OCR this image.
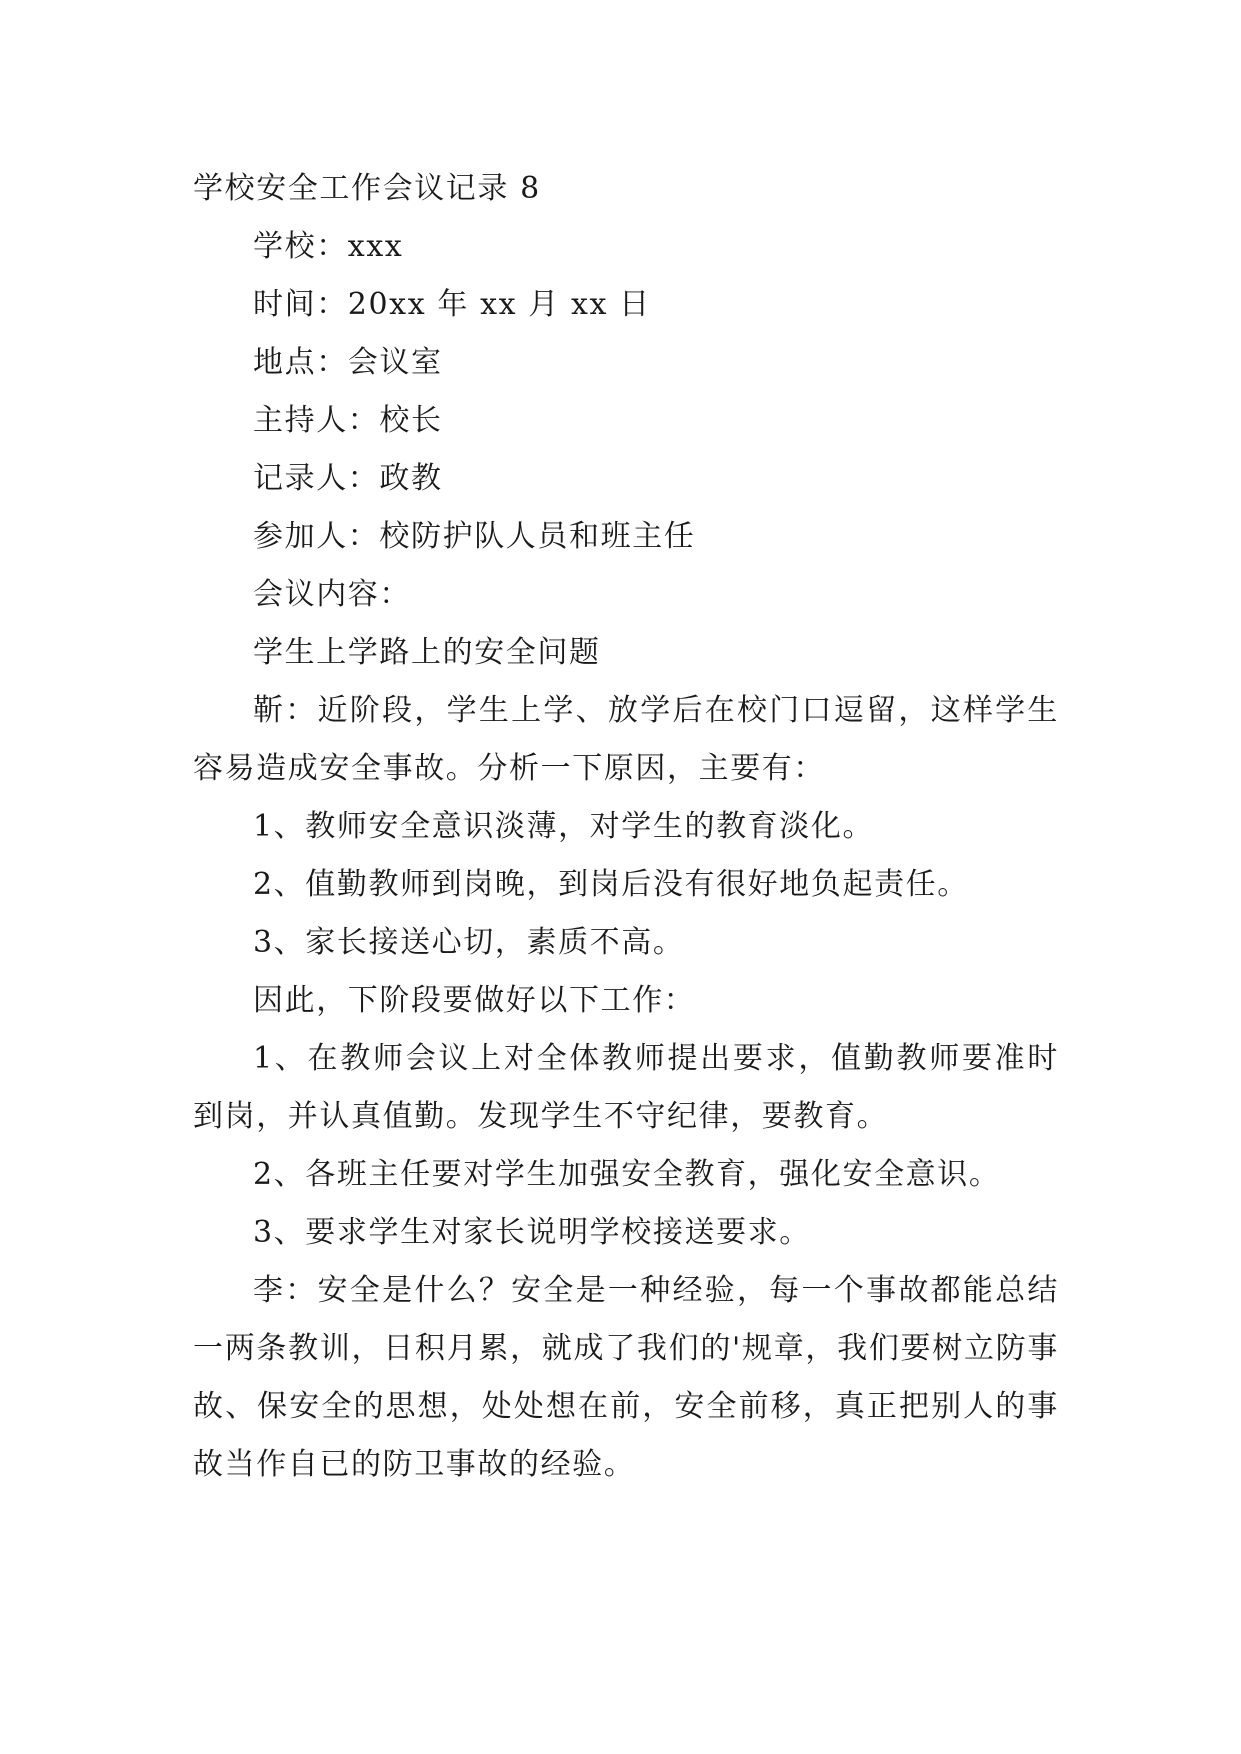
学校安全工作会议记录 8

学校：xxx

时间：20xx 年 xx 月 xx 日

地点：会议室

主持人：校长

记录人：政教

参加人：校防护队人员和班主任

会议内容：

学生上学路上的安全问题

靳：近阶段，学生上学、放学后在校门口逗留，这样学生容易造成安全事故。分析一下原因，主要有：

1、教师安全意识淡薄，对学生的教育淡化。

2、值勤教师到岗晚，到岗后没有很好地负起责任。

3、家长接送心切，素质不高。

因此，下阶段要做好以下工作：

1、在教师会议上对全体教师提出要求，值勤教师要准时到岗，并认真值勤。发现学生不守纪律，要教育。

2、各班主任要对学生加强安全教育，强化安全意识。

3、要求学生对家长说明学校接送要求。

李：安全是什么？安全是一种经验，每一个事故都能总结一两条教训，日积月累，就成了我们的'规章，我们要树立防事故、保安全的思想，处处想在前，安全前移，真正把别人的事故当作自已的防卫事故的经验。
